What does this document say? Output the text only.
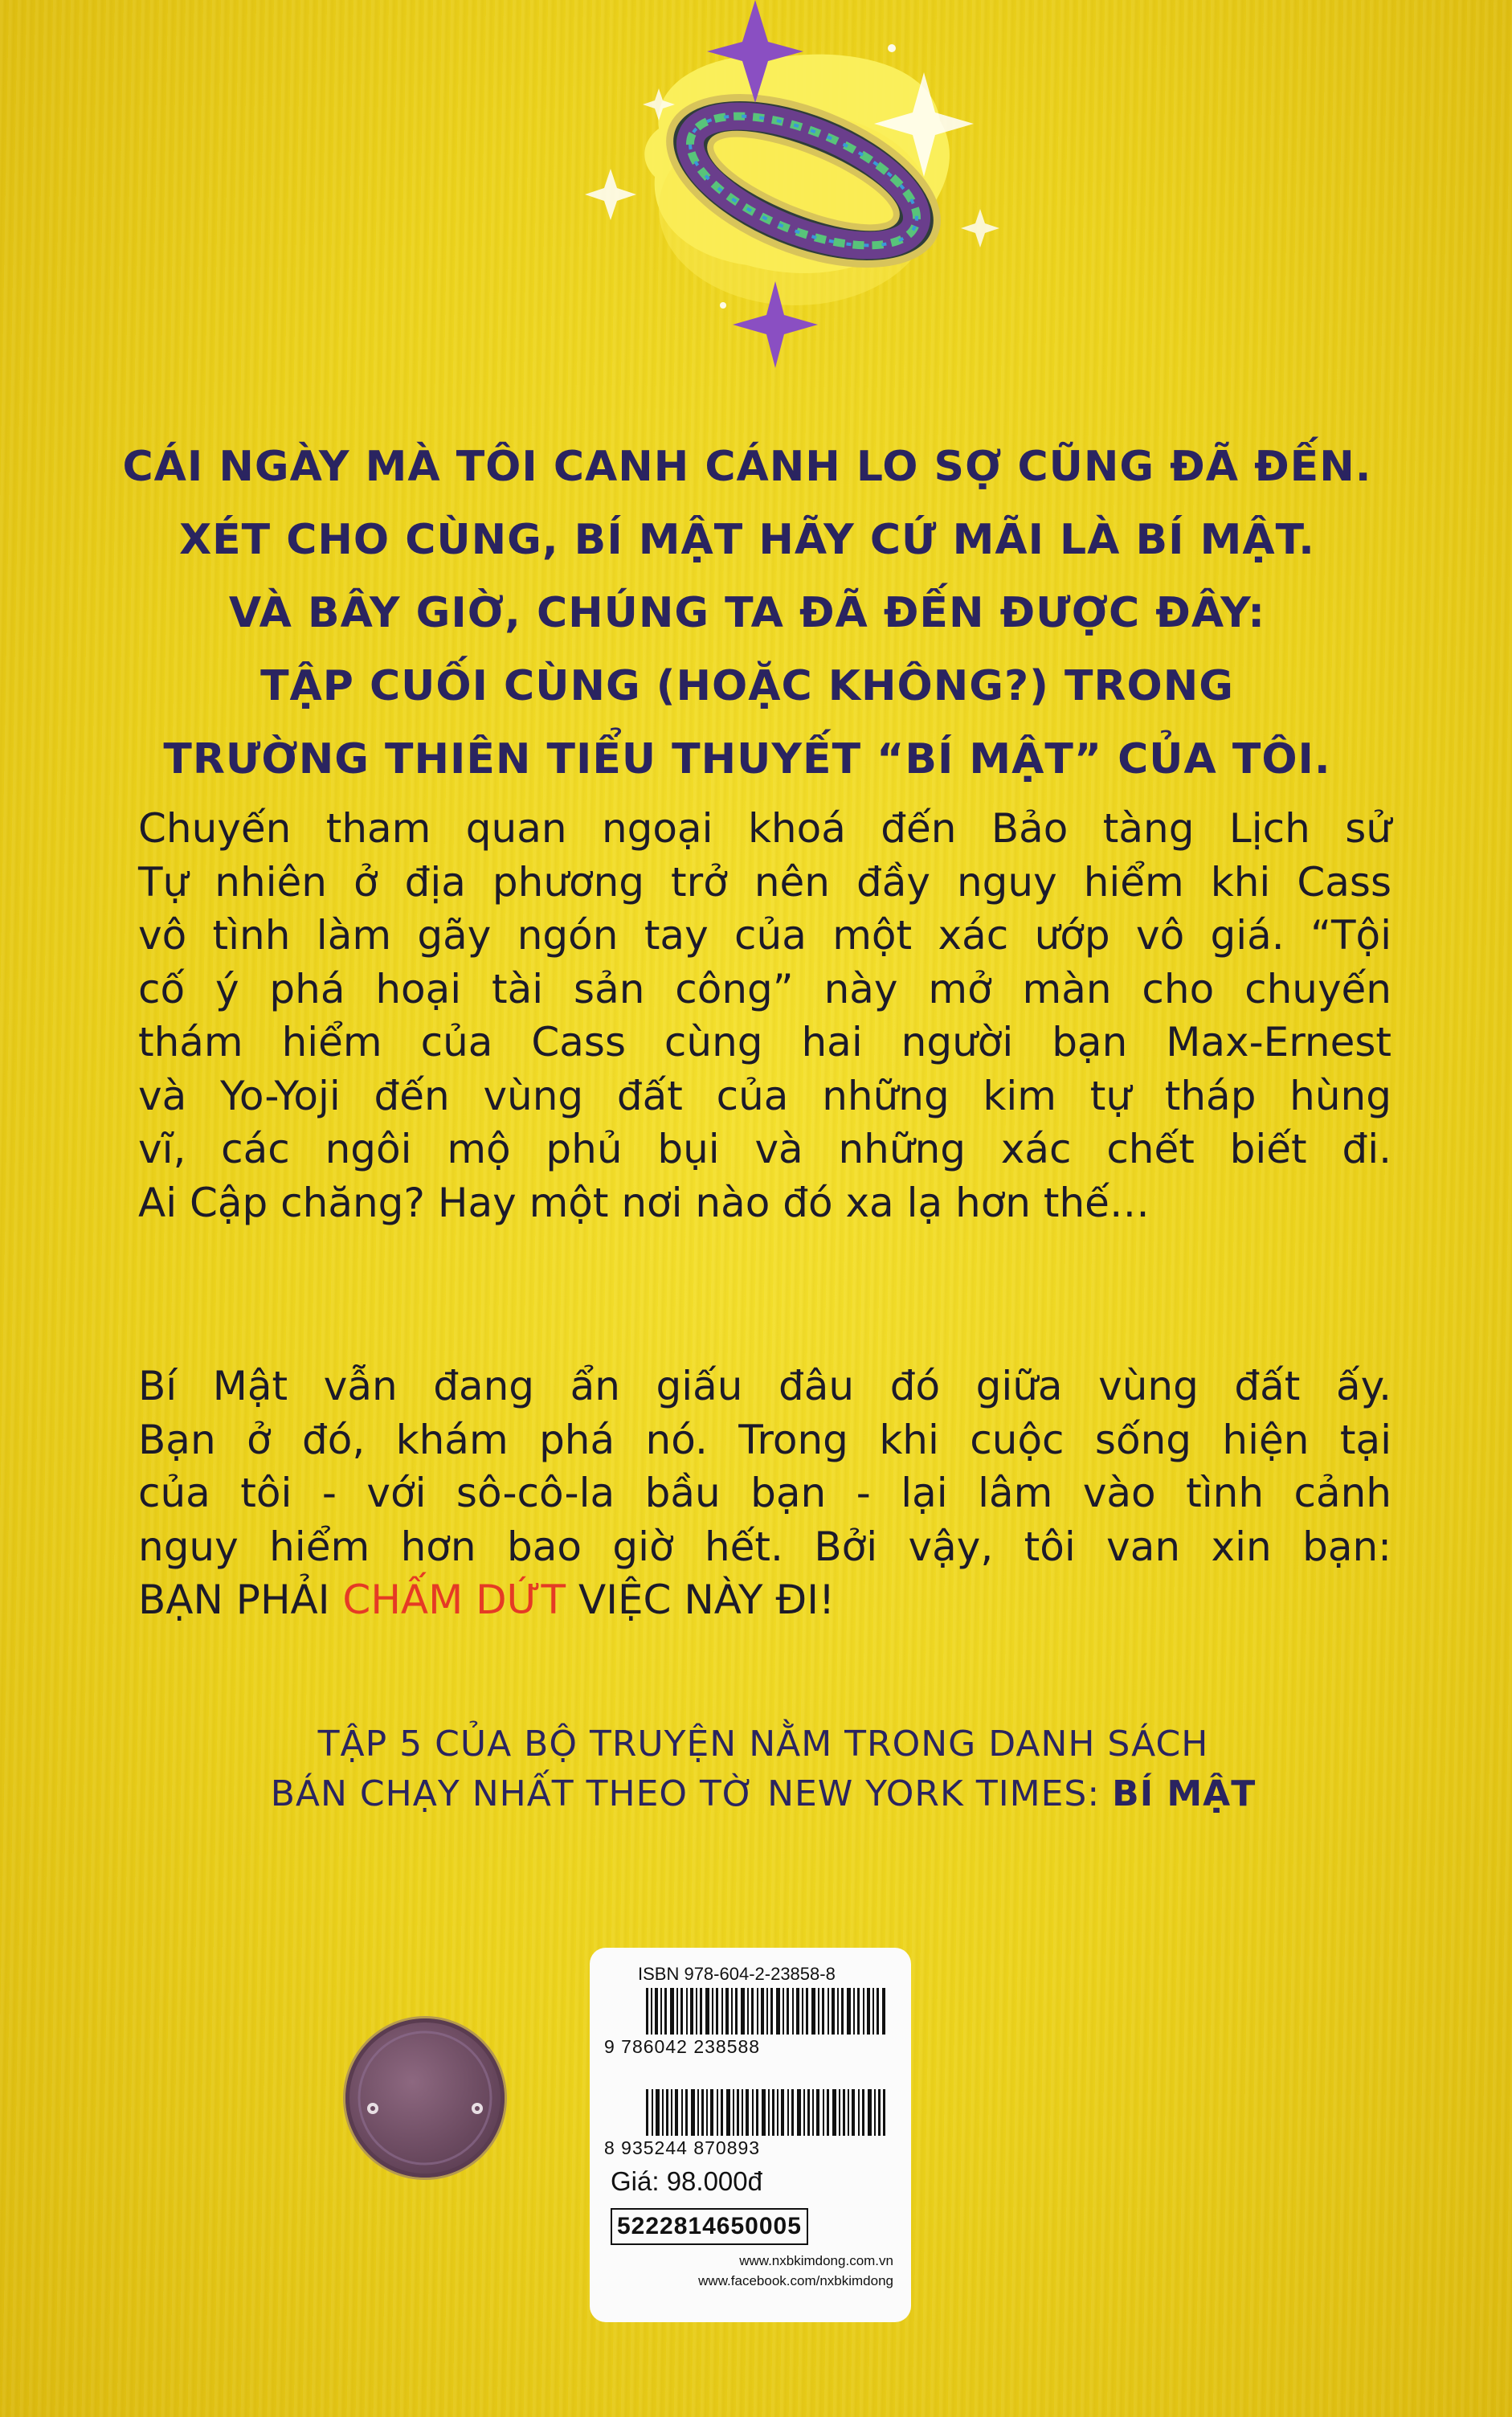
CÁI NGÀY MÀ TÔI CANH CÁNH LO SỢ CŨNG ĐÃ ĐẾN.
XÉT CHO CÙNG, BÍ MẬT HÃY CỨ MÃI LÀ BÍ MẬT.
VÀ BÂY GIỜ, CHÚNG TA ĐÃ ĐẾN ĐƯỢC ĐÂY:
TẬP CUỐI CÙNG (HOẶC KHÔNG?) TRONG
TRƯỜNG THIÊN TIỂU THUYẾT “BÍ MẬT” CỦA TÔI.
Chuyến tham quan ngoại khoá đến Bảo tàng Lịch sử
Tự nhiên ở địa phương trở nên đầy nguy hiểm khi Cass
vô tình làm gãy ngón tay của một xác ướp vô giá. “Tội
cố ý phá hoại tài sản công” này mở màn cho chuyến
thám hiểm của Cass cùng hai người bạn Max-Ernest
và Yo-Yoji đến vùng đất của những kim tự tháp hùng
vĩ, các ngôi mộ phủ bụi và những xác chết biết đi.
Ai Cập chăng? Hay một nơi nào đó xa lạ hơn thế…
Bí Mật vẫn đang ẩn giấu đâu đó giữa vùng đất ấy.
Bạn ở đó, khám phá nó. Trong khi cuộc sống hiện tại
của tôi - với sô-cô-la bầu bạn - lại lâm vào tình cảnh
nguy hiểm hơn bao giờ hết. Bởi vậy, tôi van xin bạn:
BẠN PHẢI CHẤM DỨT VIỆC NÀY ĐI!
TẬP 5 CỦA BỘ TRUYỆN NẰM TRONG DANH SÁCH
BÁN CHẠY NHẤT THEO TỜ NEW YORK TIMES: BÍ MẬT
ISBN 978-604-2-23858-8
9 786042 238588
8 935244 870893
Giá: 98.000đ
5222814650005
www.nxbkimdong.com.vn
www.facebook.com/nxbkimdong
